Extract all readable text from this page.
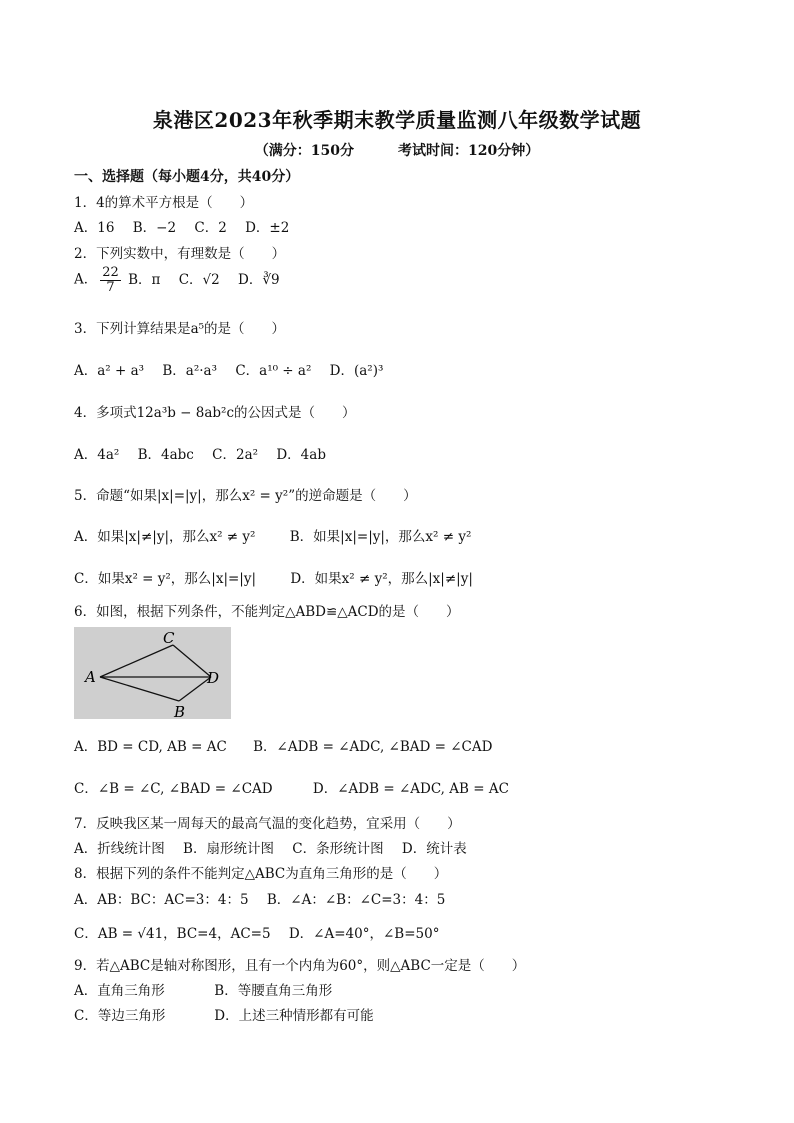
泉港区2023年秋季期末教学质量监测八年级数学试题
（满分：150分	考试时间：120分钟）
一、选择题（每小题4分，共40分）
1．4的算术平方根是（　　）
A．16 B．−2 C．2 D．±2
2．下列实数中，有理数是（　　）
A． $\frac{22}{7}$ B．π C．√2 D．∛9
3．下列计算结果是a⁵的是（　　）
A．a² + a³ B．a²·a³ C．a¹⁰ ÷ a² D．(a²)³
4．多项式12a³b − 8ab²c的公因式是（　　）
A．4a² B．4abc C．2a² D．4ab
5．命题“如果|x|=|y|，那么x² = y²”的逆命题是（　　）
A．如果|x|≠|y|，那么x² ≠ y²	B．如果|x|=|y|，那么x² ≠ y²
C．如果x² = y²，那么|x|=|y|	D．如果x² ≠ y²，那么|x|≠|y|
6．如图，根据下列条件，不能判定△ABD≌△ACD的是（　　）
A
C
D
B
A．BD = CD, AB = AC B．∠ADB = ∠ADC, ∠BAD = ∠CAD
C．∠B = ∠C, ∠BAD = ∠CAD	D．∠ADB = ∠ADC, AB = AC
7．反映我区某一周每天的最高气温的变化趋势，宜采用（　　）
A．折线统计图 B．扇形统计图 C．条形统计图 D．统计表
8．根据下列的条件不能判定△ABC为直角三角形的是（　　）
A．AB：BC：AC=3：4：5 B．∠A：∠B：∠C=3：4：5
C．AB = √41，BC=4，AC=5 D．∠A=40°，∠B=50°
9．若△ABC是轴对称图形，且有一个内角为60°，则△ABC一定是（　　）
A．直角三角形	B．等腰直角三角形
C．等边三角形	D．上述三种情形都有可能
